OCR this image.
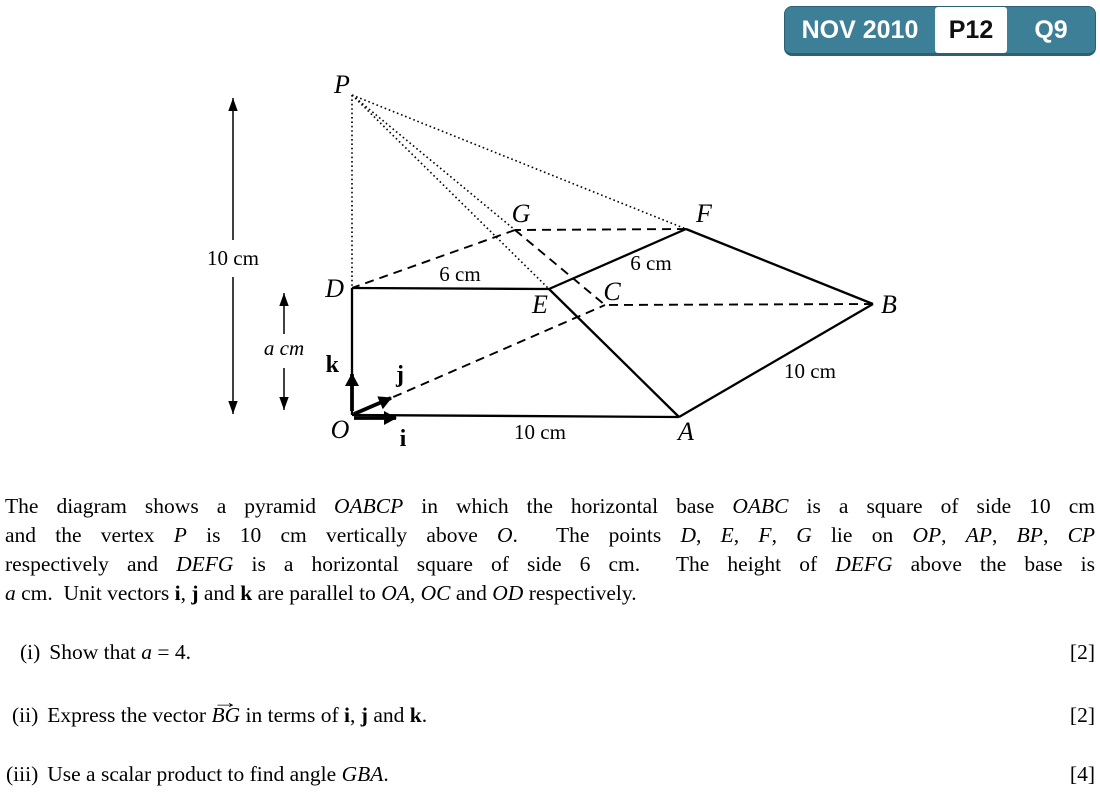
NOV 2010	P12	Q9
P
D
O	A
B
C
E
F
G
k j
i
10 cm
a cm
6 cm	6 cm
10 cm
10 cm
The diagram shows a pyramid OABCP in which the horizontal base OABC is a square of side 10 cm
and the vertex P is 10 cm vertically above O.  The points D, E, F, G lie on OP, AP, BP, CP
respectively and DEFG is a horizontal square of side 6 cm.  The height of DEFG above the base is
a cm.  Unit vectors i, j and k are parallel to OA, OC and OD respectively.
(i) Show that a = 4.	[2]
(ii) Express the vector → BG in terms of i, j and k.	[2]
(iii) Use a scalar product to find angle GBA.	[4]
